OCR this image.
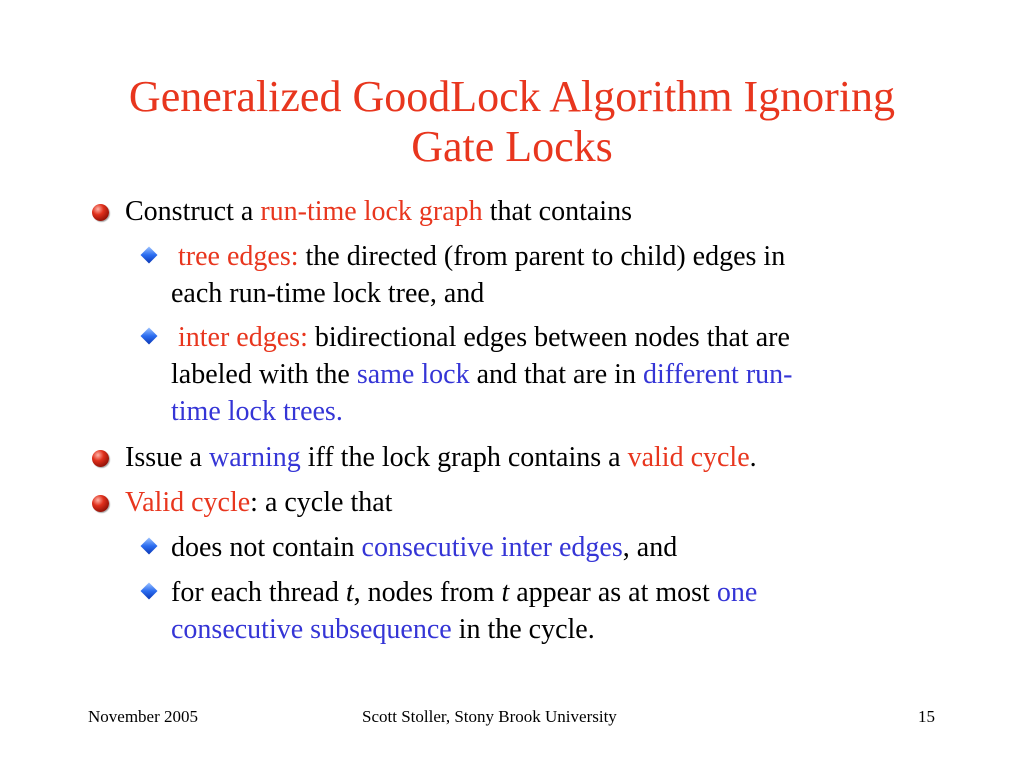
Generalized GoodLock Algorithm Ignoring
Gate Locks
Construct a run-time lock graph that contains
tree edges: the directed (from parent to child) edges in
each run-time lock tree, and
inter edges: bidirectional edges between nodes that are
labeled with the same lock and that are in different run-
time lock trees.
Issue a warning iff the lock graph contains a valid cycle.
Valid cycle: a cycle that
does not contain consecutive inter edges, and
for each thread t, nodes from t appear as at most one
consecutive subsequence in the cycle.
November 2005	Scott Stoller, Stony Brook University	15
